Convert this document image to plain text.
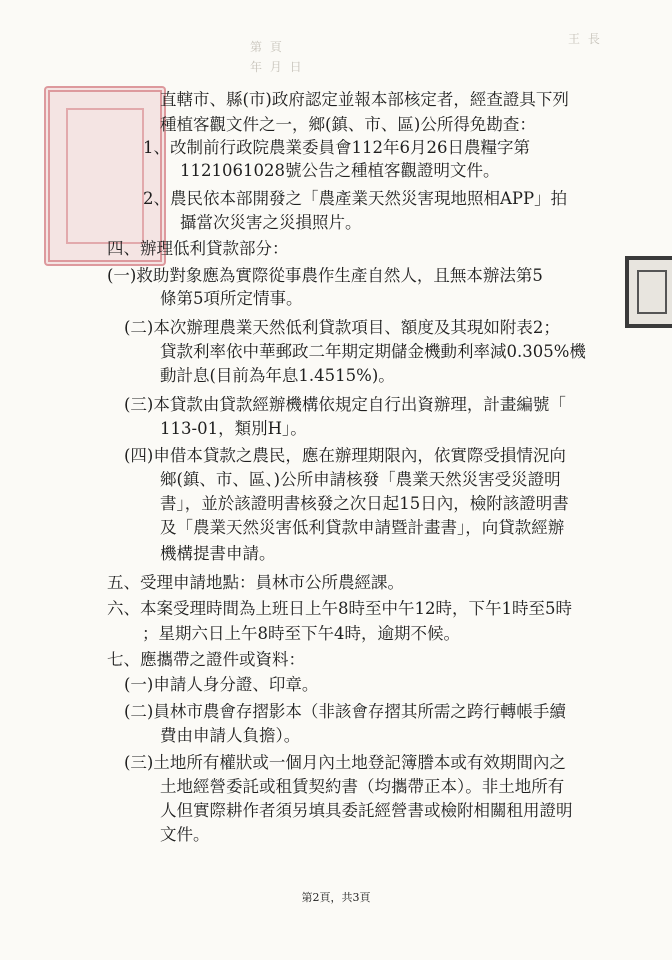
王 長
第 頁
年 月 日
直轄市、縣(市)政府認定並報本部核定者，經查證具下列
種植客觀文件之一，鄉(鎮、市、區)公所得免勘查：
1、改制前行政院農業委員會112年6月26日農糧字第
1121061028號公告之種植客觀證明文件。
2、農民依本部開發之「農產業天然災害現地照相APP」拍
攝當次災害之災損照片。
四、辦理低利貸款部分：
(一)救助對象應為實際從事農作生產自然人，且無本辦法第5
條第5項所定情事。
(二)本次辦理農業天然低利貸款項目、額度及其現如附表2；
貸款利率依中華郵政二年期定期儲金機動利率減0.305%機
動計息(目前為年息1.4515%)。
(三)本貸款由貸款經辦機構依規定自行出資辦理，計畫編號「
113-01，類別H」。
(四)申借本貸款之農民，應在辦理期限內，依實際受損情況向
鄉(鎮、市、區、)公所申請核發「農業天然災害受災證明
書」，並於該證明書核發之次日起15日內，檢附該證明書
及「農業天然災害低利貸款申請暨計畫書」，向貸款經辦
機構提書申請。
五、受理申請地點：員林市公所農經課。
六、本案受理時間為上班日上午8時至中午12時，下午1時至5時
；星期六日上午8時至下午4時，逾期不候。
七、應攜帶之證件或資料：
(一)申請人身分證、印章。
(二)員林市農會存摺影本（非該會存摺其所需之跨行轉帳手續
費由申請人負擔）。
(三)土地所有權狀或一個月內土地登記簿謄本或有效期間內之
土地經營委託或租賃契約書（均攜帶正本）。非土地所有
人但實際耕作者須另填具委託經營書或檢附相關租用證明
文件。
第2頁，共3頁
